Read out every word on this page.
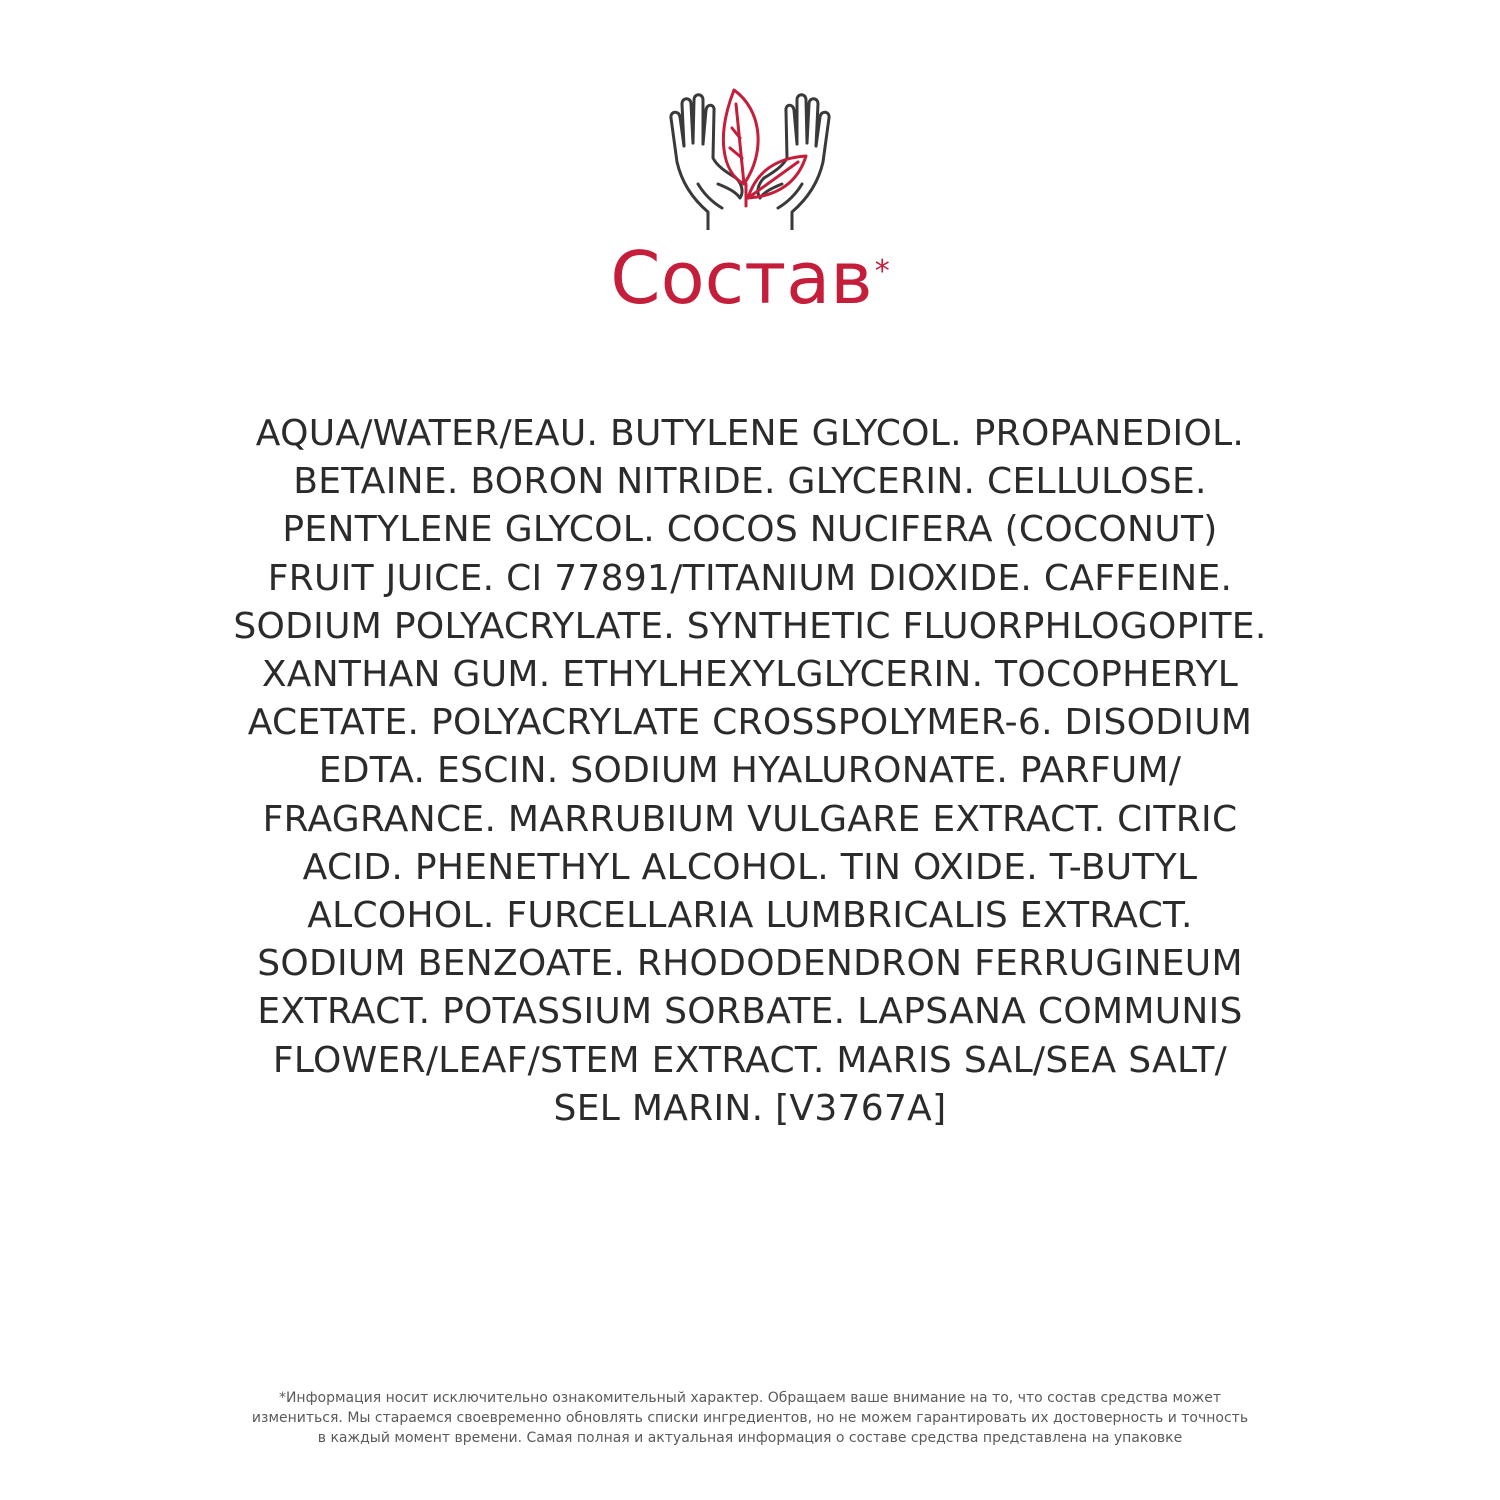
Состав*
AQUA/WATER/EAU. BUTYLENE GLYCOL. PROPANEDIOL.
BETAINE. BORON NITRIDE. GLYCERIN. CELLULOSE.
PENTYLENE GLYCOL. COCOS NUCIFERA (COCONUT)
FRUIT JUICE. CI 77891/TITANIUM DIOXIDE. CAFFEINE.
SODIUM POLYACRYLATE. SYNTHETIC FLUORPHLOGOPITE.
XANTHAN GUM. ETHYLHEXYLGLYCERIN. TOCOPHERYL
ACETATE. POLYACRYLATE CROSSPOLYMER-6. DISODIUM
EDTA. ESCIN. SODIUM HYALURONATE. PARFUM/
FRAGRANCE. MARRUBIUM VULGARE EXTRACT. CITRIC
ACID. PHENETHYL ALCOHOL. TIN OXIDE. T-BUTYL
ALCOHOL. FURCELLARIA LUMBRICALIS EXTRACT.
SODIUM BENZOATE. RHODODENDRON FERRUGINEUM
EXTRACT. POTASSIUM SORBATE. LAPSANA COMMUNIS
FLOWER/LEAF/STEM EXTRACT. MARIS SAL/SEA SALT/
SEL MARIN. [V3767A]
*Информация носит исключительно ознакомительный характер. Обращаем ваше внимание на то, что состав средства может
измениться. Мы стараемся своевременно обновлять списки ингредиентов, но не можем гарантировать их достоверность и точность
в каждый момент времени. Самая полная и актуальная информация о составе средства представлена на упаковке
